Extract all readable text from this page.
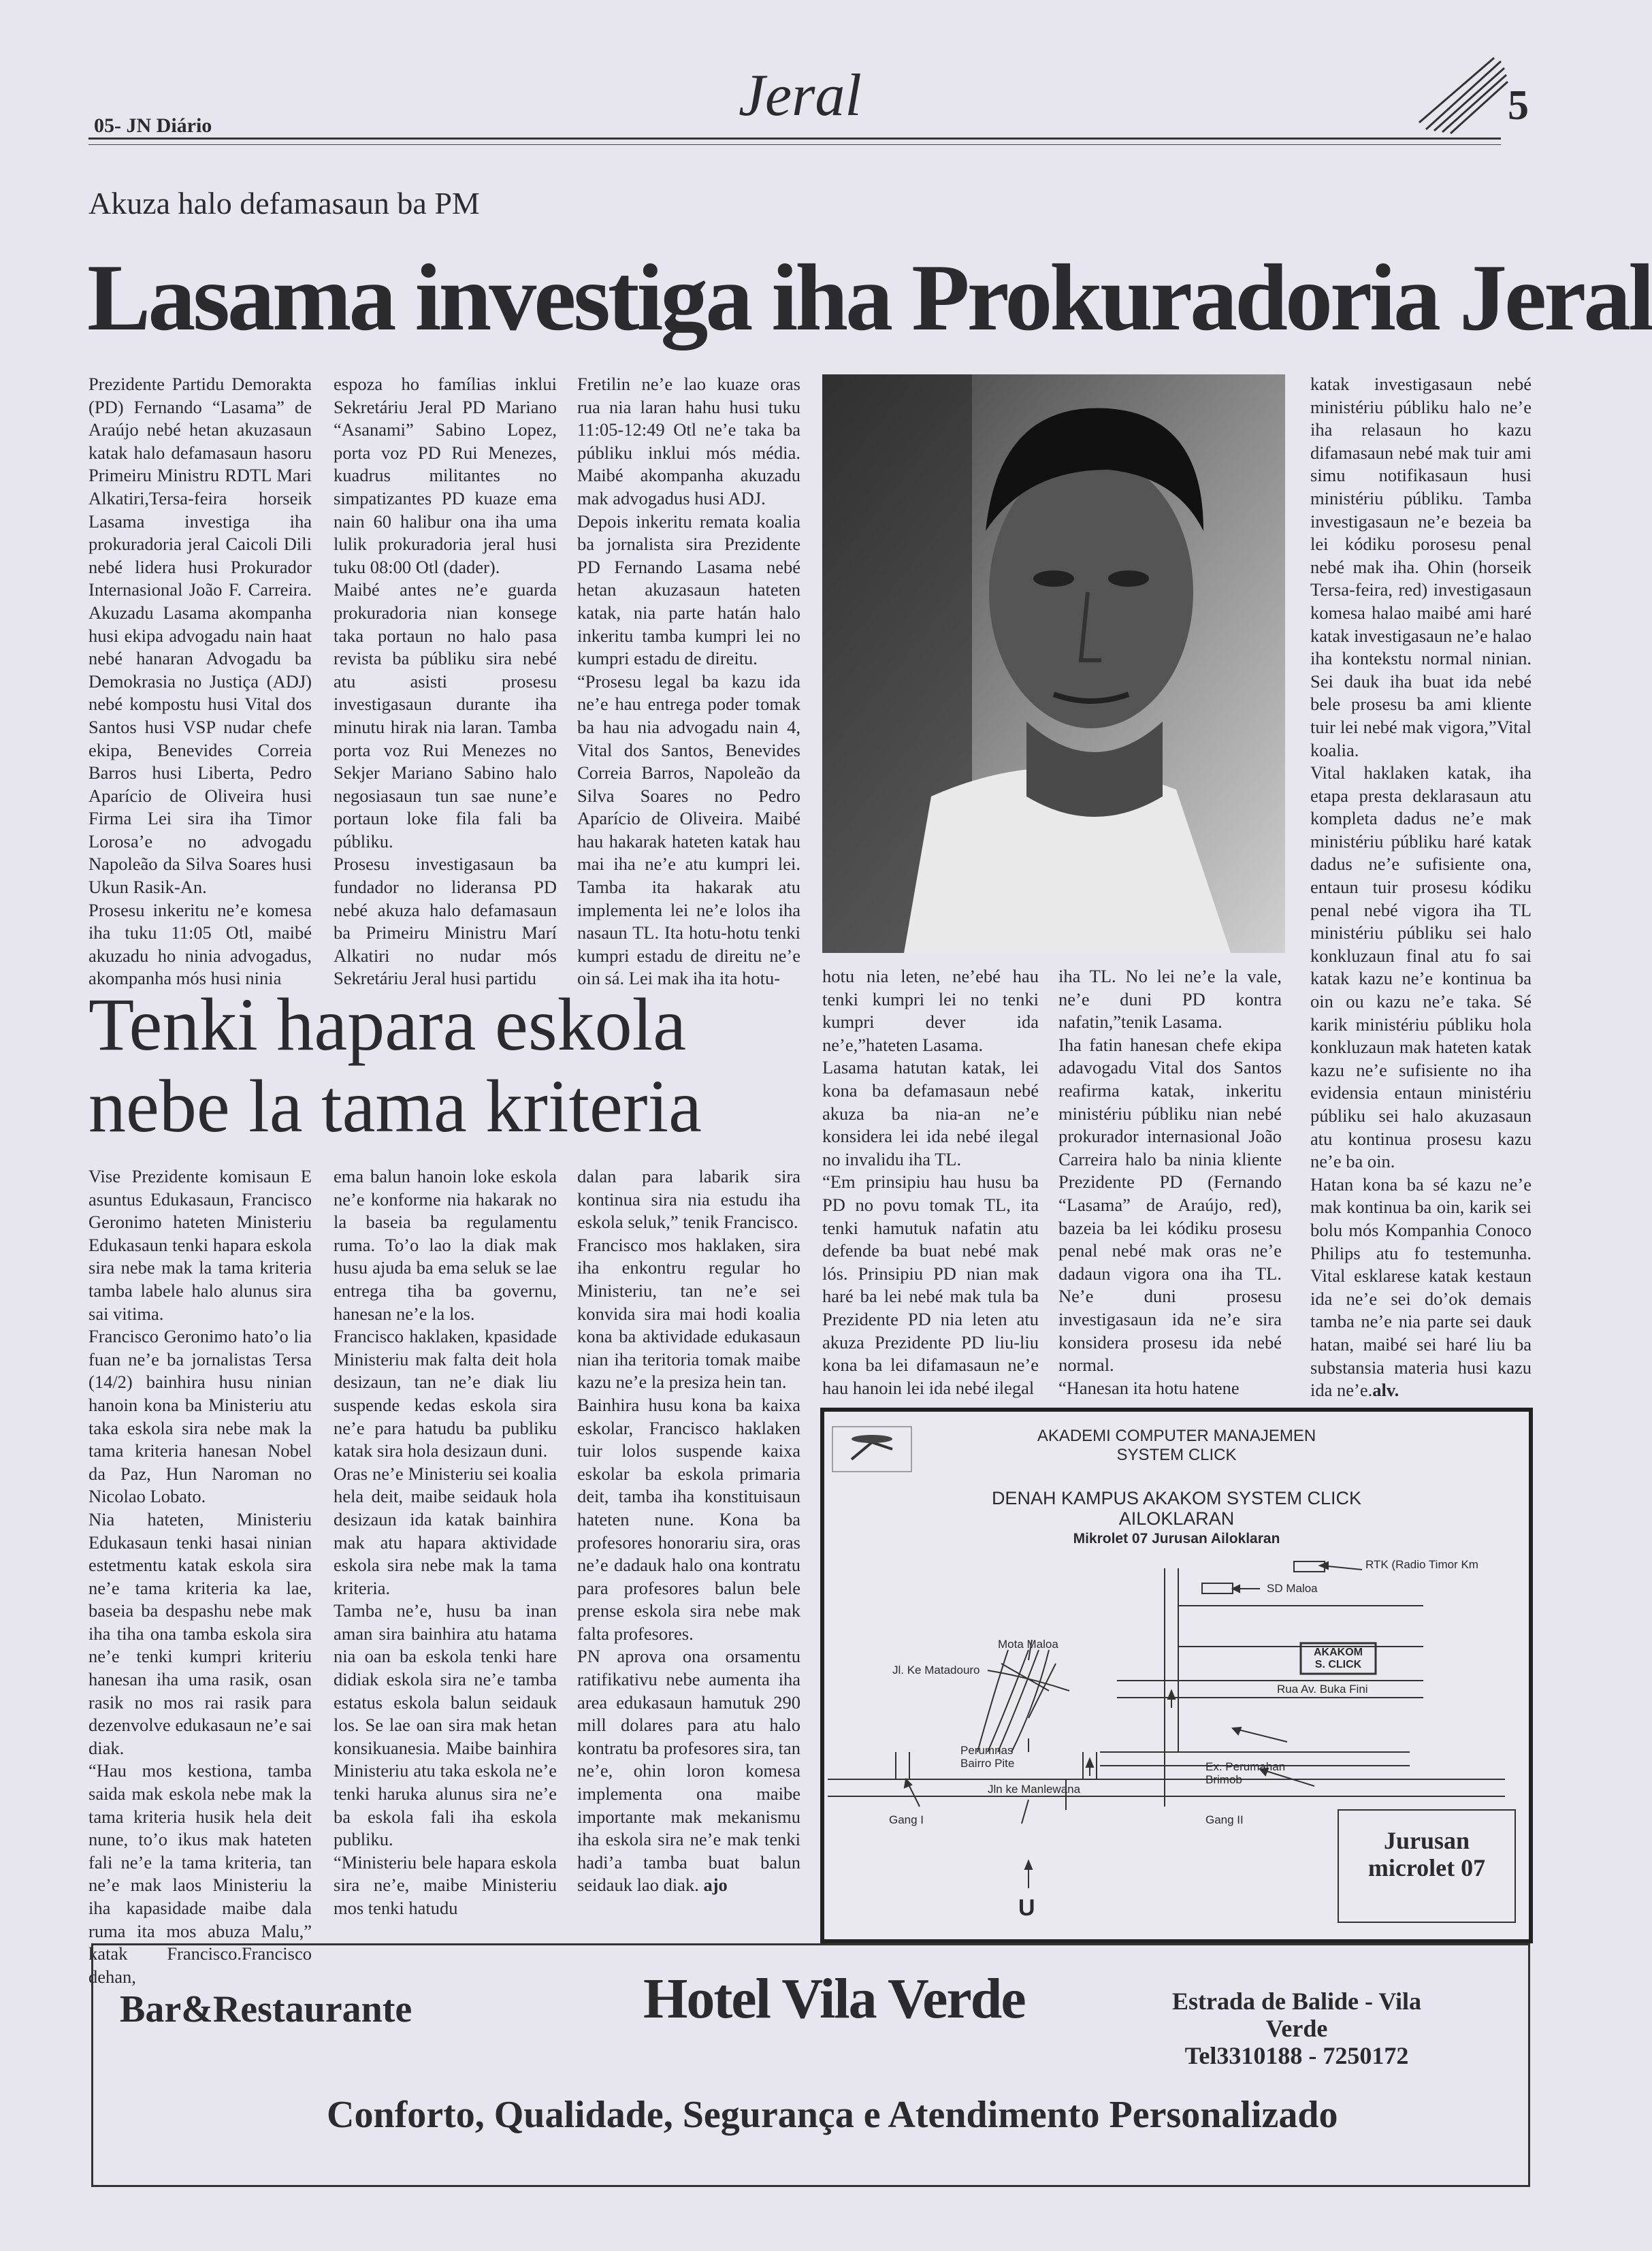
05- JN Diário	Jeral	5
Akuza halo defamasaun ba PM
Lasama investiga iha Prokuradoria Jeral

Prezidente Partidu Demorakta (PD) Fernando “Lasama” de Araújo nebé hetan akuzasaun katak halo defamasaun hasoru Primeiru Ministru RDTL Mari Alkatiri,Tersa-feira horseik Lasama investiga iha prokuradoria jeral Caicoli Dili nebé lidera husi Prokurador Internasional João F. Carreira. Akuzadu Lasama akompanha husi ekipa advogadu nain haat nebé hanaran Advogadu ba Demokrasia no Justiça (ADJ) nebé kompostu husi Vital dos Santos husi VSP nudar chefe ekipa, Benevides Correia Barros husi Liberta, Pedro Aparício de Oliveira husi Firma Lei sira iha Timor Lorosa’e no advogadu Napoleão da Silva Soares husi Ukun Rasik-An.

Prosesu inkeritu ne’e komesa iha tuku 11:05 Otl, maibé akuzadu ho ninia advogadus, akompanha mós husi ninia

espoza ho famílias inklui Sekretáriu Jeral PD Mariano “Asanami” Sabino Lopez, porta voz PD Rui Menezes, kuadrus militantes no simpatizantes PD kuaze ema nain 60 halibur ona iha uma lulik prokuradoria jeral husi tuku 08:00 Otl (dader).

Maibé antes ne’e guarda prokuradoria nian konsege taka portaun no halo pasa revista ba públiku sira nebé atu asisti prosesu investigasaun durante iha minutu hirak nia laran. Tamba porta voz Rui Menezes no Sekjer Mariano Sabino halo negosiasaun tun sae nune’e portaun loke fila fali ba públiku.

Prosesu investigasaun ba fundador no lideransa PD nebé akuza halo defamasaun ba Primeiru Ministru Marí Alkatiri no nudar mós Sekretáriu Jeral husi partidu

Fretilin ne’e lao kuaze oras rua nia laran hahu husi tuku 11:05-12:49 Otl ne’e taka ba públiku inklui mós média. Maibé akompanha akuzadu mak advogadus husi ADJ.

Depois inkeritu remata koalia ba jornalista sira Prezidente PD Fernando Lasama nebé hetan akuzasaun hateten katak, nia parte hatán halo inkeritu tamba kumpri lei no kumpri estadu de direitu.

“Prosesu legal ba kazu ida ne’e hau entrega poder tomak ba hau nia advogadu nain 4, Vital dos Santos, Benevides Correia Barros, Napoleão da Silva Soares no Pedro Aparício de Oliveira. Maibé hau hakarak hateten katak hau mai iha ne’e atu kumpri lei. Tamba ita hakarak atu implementa lei ne’e lolos iha nasaun TL. Ita hotu-hotu tenki kumpri estadu de direitu ne’e oin sá. Lei mak iha ita hotu-	hotu nia leten, ne’ebé hau tenki kumpri lei no tenki kumpri dever ida ne’e,”hateten Lasama.

Lasama hatutan katak, lei kona ba defamasaun nebé akuza ba nia-an ne’e konsidera lei ida nebé ilegal no invalidu iha TL.

“Em prinsipiu hau husu ba PD no povu tomak TL, ita tenki hamutuk nafatin atu defende ba buat nebé mak lós. Prinsipiu PD nian mak haré ba lei nebé mak tula ba Prezidente PD nia leten atu akuza Prezidente PD liu-liu kona ba lei difamasaun ne’e hau hanoin lei ida nebé ilegal

iha TL. No lei ne’e la vale, ne’e duni PD kontra nafatin,”tenik Lasama.

Iha fatin hanesan chefe ekipa adavogadu Vital dos Santos reafirma katak, inkeritu ministériu públiku nian nebé prokurador internasional João Carreira halo ba ninia kliente Prezidente PD (Fernando “Lasama” de Araújo, red), bazeia ba lei kódiku prosesu penal nebé mak oras ne’e dadaun vigora ona iha TL. Ne’e duni prosesu investigasaun ida ne’e sira konsidera prosesu ida nebé normal.

“Hanesan ita hotu hatene

katak investigasaun nebé ministériu públiku halo ne’e iha relasaun ho kazu difamasaun nebé mak tuir ami simu notifikasaun husi ministériu públiku. Tamba investigasaun ne’e bezeia ba lei kódiku porosesu penal nebé mak iha. Ohin (horseik Tersa-feira, red) investigasaun komesa halao maibé ami haré katak investigasaun ne’e halao iha kontekstu normal ninian. Sei dauk iha buat ida nebé bele prosesu ba ami kliente tuir lei nebé mak vigora,”Vital koalia.

Vital haklaken katak, iha etapa presta deklarasaun atu kompleta dadus ne’e mak ministériu públiku haré katak dadus ne’e sufisiente ona, entaun tuir prosesu kódiku penal nebé vigora iha TL ministériu públiku sei halo konkluzaun final atu fo sai katak kazu ne’e kontinua ba oin ou kazu ne’e taka. Sé karik ministériu públiku hola konkluzaun mak hateten katak kazu ne’e sufisiente no iha evidensia entaun ministériu públiku sei halo akuzasaun atu kontinua prosesu kazu ne’e ba oin.

Hatan kona ba sé kazu ne’e mak kontinua ba oin, karik sei bolu mós Kompanhia Conoco Philips atu fo testemunha. Vital esklarese katak kestaun ida ne’e sei do’ok demais tamba ne’e nia parte sei dauk hatan, maibé sei haré liu ba substansia materia husi kazu ida ne’e.alv.

Tenki hapara eskola
nebe la tama kriteria

Vise Prezidente komisaun E asuntus Edukasaun, Francisco Geronimo hateten Ministeriu Edukasaun tenki hapara eskola sira nebe mak la tama kriteria tamba labele halo alunus sira sai vitima.

Francisco Geronimo hato’o lia fuan ne’e ba jornalistas Tersa (14/2) bainhira husu ninian hanoin kona ba Ministeriu atu taka eskola sira nebe mak la tama kriteria hanesan Nobel da Paz, Hun Naroman no Nicolao Lobato.

Nia hateten, Ministeriu Edukasaun tenki hasai ninian estetmentu katak eskola sira ne’e tama kriteria ka lae, baseia ba despashu nebe mak iha tiha ona tamba eskola sira ne’e tenki kumpri kriteriu hanesan iha uma rasik, osan rasik no mos rai rasik para dezenvolve edukasaun ne’e sai diak.

“Hau mos kestiona, tamba saida mak eskola nebe mak la tama kriteria husik hela deit nune, to’o ikus mak hateten fali ne’e la tama kriteria, tan ne’e mak laos Ministeriu la iha kapasidade maibe dala ruma ita mos abuza Malu,” katak Francisco.Francisco dehan,

ema balun hanoin loke eskola ne’e konforme nia hakarak no la baseia ba regulamentu ruma. To’o lao la diak mak husu ajuda ba ema seluk se lae entrega tiha ba governu, hanesan ne’e la los.

Francisco haklaken, kpasidade Ministeriu mak falta deit hola desizaun, tan ne’e diak liu suspende kedas eskola sira ne’e para hatudu ba publiku katak sira hola desizaun duni.

Oras ne’e Ministeriu sei koalia hela deit, maibe seidauk hola desizaun ida katak bainhira mak atu hapara aktividade eskola sira nebe mak la tama kriteria.

Tamba ne’e, husu ba inan aman sira bainhira atu hatama nia oan ba eskola tenki hare didiak eskola sira ne’e tamba estatus eskola balun seidauk los. Se lae oan sira mak hetan konsikuanesia. Maibe bainhira Ministeriu atu taka eskola ne’e tenki haruka alunus sira ne’e ba eskola fali iha eskola publiku.

“Ministeriu bele hapara eskola sira ne’e, maibe Ministeriu mos tenki hatudu

dalan para labarik sira kontinua sira nia estudu iha eskola seluk,” tenik Francisco.

Francisco mos haklaken, sira iha enkontru regular ho Ministeriu, tan ne’e sei konvida sira mai hodi koalia kona ba aktividade edukasaun nian iha teritoria tomak maibe kazu ne’e la presiza hein tan.

Bainhira husu kona ba kaixa eskolar, Francisco haklaken tuir lolos suspende kaixa eskolar ba eskola primaria deit, tamba iha konstituisaun hateten nune. Kona ba profesores honorariu sira, oras ne’e dadauk halo ona kontratu para profesores balun bele prense eskola sira nebe mak falta profesores.

PN aprova ona orsamentu ratifikativu nebe aumenta iha area edukasaun hamutuk 290 mill dolares para atu halo kontratu ba profesores sira, tan ne’e, ohin loron komesa implementa ona maibe importante mak mekanismu iha eskola sira ne’e mak tenki hadi’a tamba buat balun seidauk lao diak. ajo

AKADEMI COMPUTER MANAJEMEN
SYSTEM CLICK
DENAH KAMPUS AKAKOM SYSTEM CLICK
AILOKLARAN
Mikrolet 07 Jurusan Ailoklaran
RTK (Radio Timor Km
SD Maloa
AKAKOM
S. CLICK
Rua Av. Buka Fini
Mota Maloa
Jl. Ke Matadouro
Perumnas
Bairro Pite	Ex. Perumahan
Brimob
Jln ke Manlewana
Gang I	Gang II
U
Jurusan
microlet 07
Bar&Restaurante	Hotel Vila Verde	Estrada de Balide - Vila Verde
Tel3310188 - 7250172
Conforto, Qualidade, Segurança e Atendimento Personalizado
